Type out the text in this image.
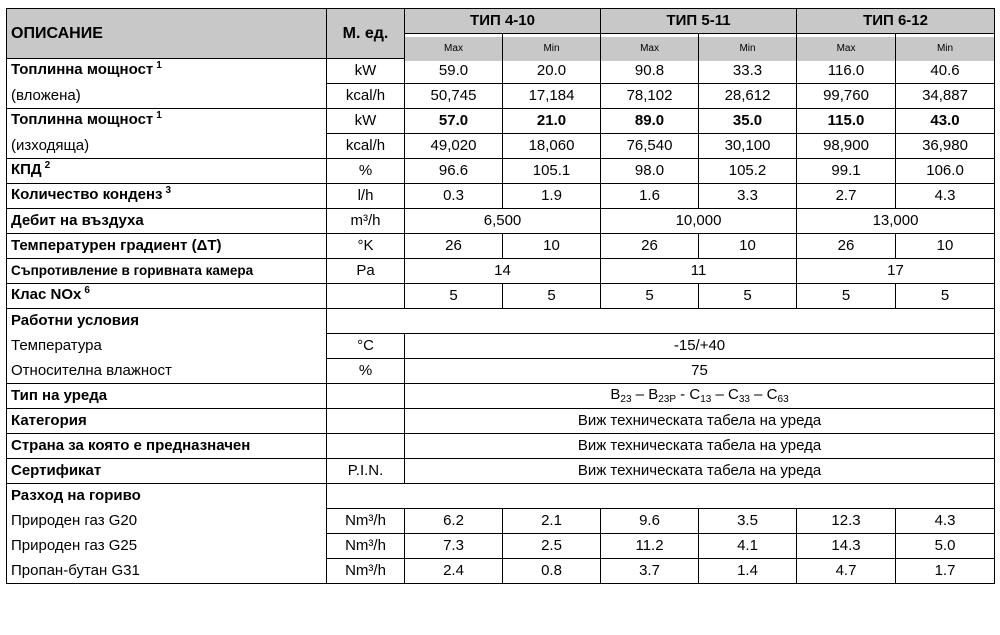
ОПИСАНИЕ	М. ед.	ТИП 4-10		ТИП 5-11		ТИП 6-12	
		Max	Min	Max	Min	Max	Min
Топлинна мощност $^1$	kW	59.0	20.0	90.8	33.3	116.0	40.6
(вложена)	kcal/h	50,745	17,184	78,102	28,612	99,760	34,887
Топлинна мощност $^1$	kW	57.0	21.0	89.0	35.0	115.0	43.0
(изходяща)	kcal/h	49,020	18,060	76,540	30,100	98,900	36,980
КПД $^2$	%	96.6	105.1	98.0	105.2	99.1	106.0
Количество конденз $^3$	l/h	0.3	1.9	1.6	3.3	2.7	4.3
Дебит на въздуха	m³/h	6,500		10,000		13,000	
Температурен градиент (ΔT)	°K	26	10	26	10	26	10
Съпротивление в горивната камера	Pa	14		11		17	
Клас NOx $^6$		5	5	5	5	5	5
Работни условия							
Температура	°C	-15/+40					
Относителна влажност	%	75					
Тип на уреда		$B_{23} - B_{23P} - C_{13} - C_{33} - C_{63}$
Категория		Виж техническата табела на уреда					
Страна за която е предназначен		Виж техническата табела на уреда					
Сертификат	P.I.N.	Виж техническата табела на уреда					
Разход на гориво							
Природен газ G20	Nm³/h	6.2	2.1	9.6	3.5	12.3	4.3
Природен газ G25	Nm³/h	7.3	2.5	11.2	4.1	14.3	5.0
Пропан-бутан G31	Nm³/h	2.4	0.8	3.7	1.4	4.7	1.7
